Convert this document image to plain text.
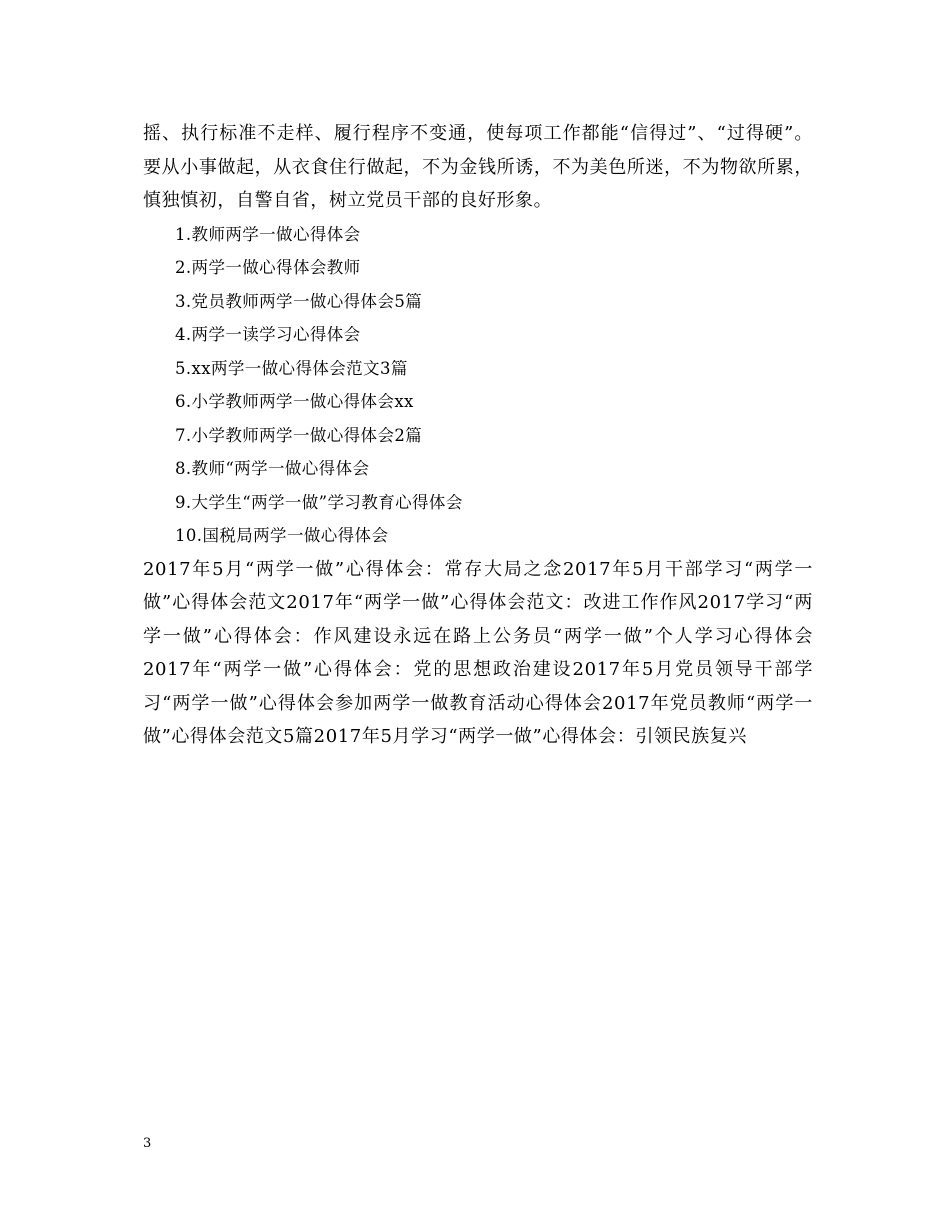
摇、执行标准不走样、履行程序不变通，使每项工作都能“信得过”、“过得硬”。要从小事做起，从衣食住行做起，不为金钱所诱，不为美色所迷，不为物欲所累，慎独慎初，自警自省，树立党员干部的良好形象。

1.教师两学一做心得体会
2.两学一做心得体会教师
3.党员教师两学一做心得体会5篇
4.两学一读学习心得体会
5.xx两学一做心得体会范文3篇
6.小学教师两学一做心得体会xx
7.小学教师两学一做心得体会2篇
8.教师“两学一做心得体会
9.大学生“两学一做”学习教育心得体会
10.国税局两学一做心得体会

2017年5月“两学一做”心得体会：常存大局之念2017年5月干部学习“两学一做”心得体会范文2017年“两学一做”心得体会范文：改进工作作风2017学习“两学一做”心得体会：作风建设永远在路上公务员“两学一做”个人学习心得体会2017年“两学一做”心得体会：党的思想政治建设2017年5月党员领导干部学习“两学一做”心得体会参加两学一做教育活动心得体会2017年党员教师“两学一做”心得体会范文5篇2017年5月学习“两学一做”心得体会：引领民族复兴

3
